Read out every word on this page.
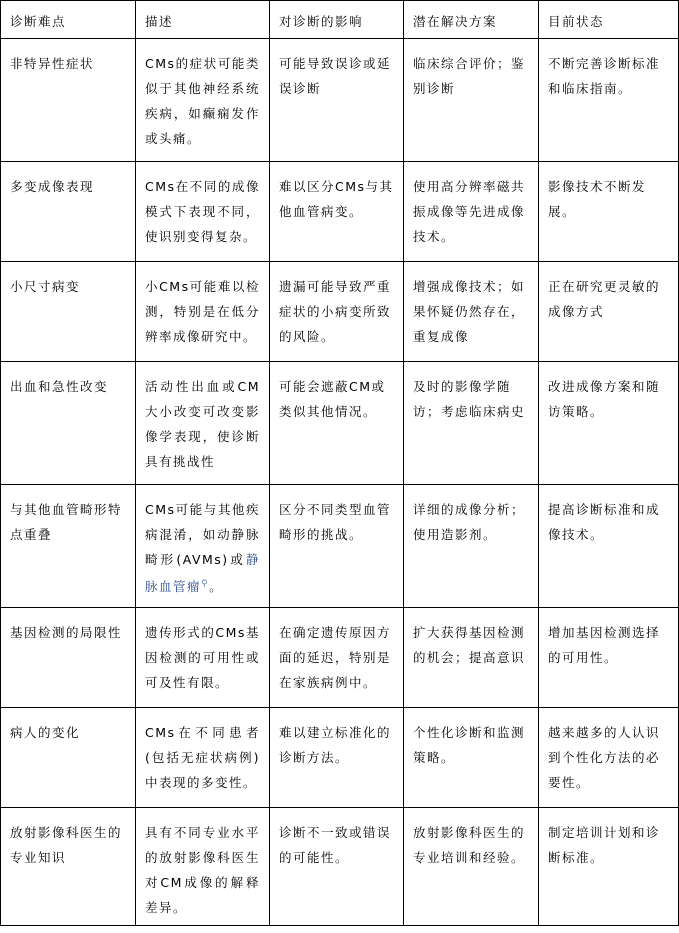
诊断难点	描述	对诊断的影响	潜在解决方案	目前状态
非特异性症状	CMs的症状可能类似于其他神经系统疾病，如癫痫发作或头痛。	可能导致误诊或延误诊断	临床综合评价；鉴别诊断	不断完善诊断标准和临床指南。
多变成像表现	CMs在不同的成像模式下表现不同，使识别变得复杂。	难以区分CMs与其他血管病变。	使用高分辨率磁共振成像等先进成像技术。	影像技术不断发展。
小尺寸病变	小CMs可能难以检测，特别是在低分辨率成像研究中。	遗漏可能导致严重症状的小病变所致的风险。	增强成像技术；如果怀疑仍然存在，重复成像	正在研究更灵敏的成像方式
出血和急性改变	活动性出血或CM大小改变可改变影像学表现，使诊断具有挑战性	可能会遮蔽CM或类似其他情况。	及时的影像学随访；考虑临床病史	改进成像方案和随访策略。
与其他血管畸形特点重叠	CMs可能与其他疾病混淆，如动静脉畸形(AVMs)或静脉血管瘤⚲。	区分不同类型血管畸形的挑战。	详细的成像分析；使用造影剂。	提高诊断标准和成像技术。
基因检测的局限性	遗传形式的CMs基因检测的可用性或可及性有限。	在确定遗传原因方面的延迟，特别是在家族病例中。	扩大获得基因检测的机会；提高意识	增加基因检测选择的可用性。
病人的变化	CMs在不同患者(包括无症状病例)中表现的多变性。	难以建立标准化的诊断方法。	个性化诊断和监测策略。	越来越多的人认识到个性化方法的必要性。
放射影像科医生的专业知识	具有不同专业水平的放射影像科医生对CM成像的解释差异。	诊断不一致或错误的可能性。	放射影像科医生的专业培训和经验。	制定培训计划和诊断标准。
